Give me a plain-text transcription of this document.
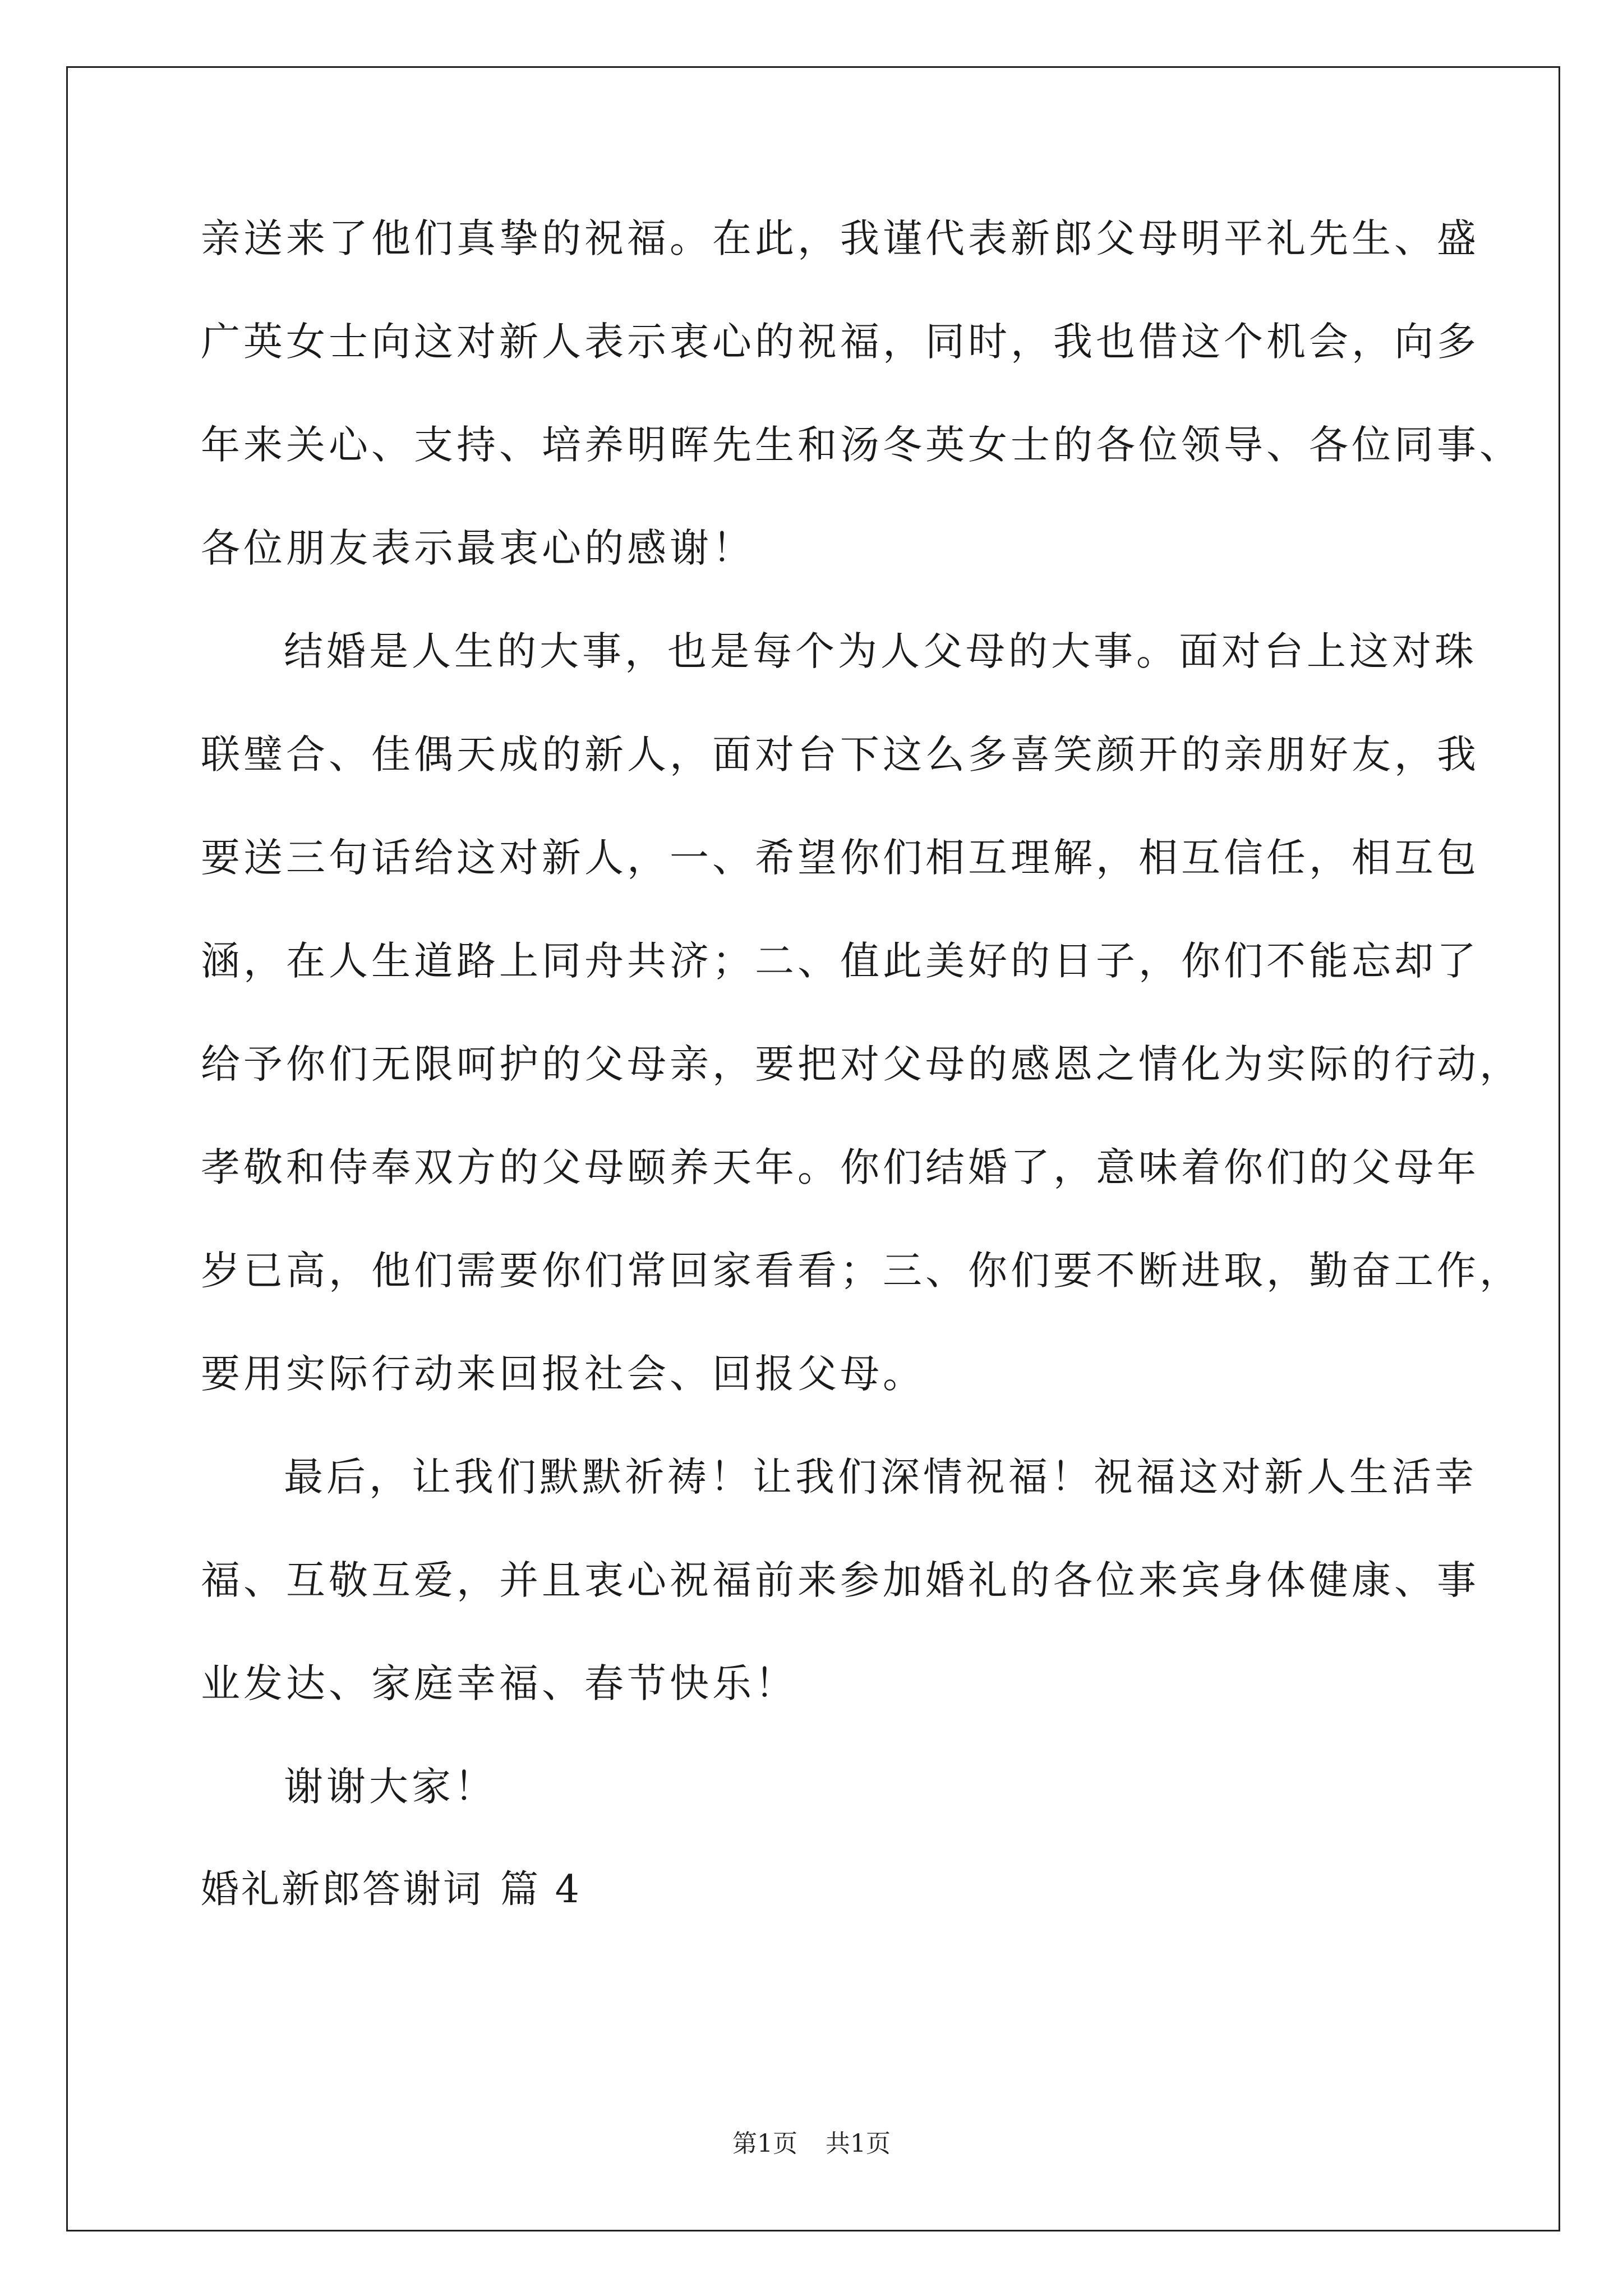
亲送来了他们真挚的祝福。在此，我谨代表新郎父母明平礼先生、盛
广英女士向这对新人表示衷心的祝福，同时，我也借这个机会，向多
年来关心、支持、培养明晖先生和汤冬英女士的各位领导、各位同事、
各位朋友表示最衷心的感谢！
结婚是人生的大事，也是每个为人父母的大事。面对台上这对珠
联璧合、佳偶天成的新人，面对台下这么多喜笑颜开的亲朋好友，我
要送三句话给这对新人，一、希望你们相互理解，相互信任，相互包
涵，在人生道路上同舟共济；二、值此美好的日子，你们不能忘却了
给予你们无限呵护的父母亲，要把对父母的感恩之情化为实际的行动，
孝敬和侍奉双方的父母颐养天年。你们结婚了，意味着你们的父母年
岁已高，他们需要你们常回家看看；三、你们要不断进取，勤奋工作，
要用实际行动来回报社会、回报父母。
最后，让我们默默祈祷！让我们深情祝福！祝福这对新人生活幸
福、互敬互爱，并且衷心祝福前来参加婚礼的各位来宾身体健康、事
业发达、家庭幸福、春节快乐！
谢谢大家！
婚礼新郎答谢词 篇 4
第1页 共1页
